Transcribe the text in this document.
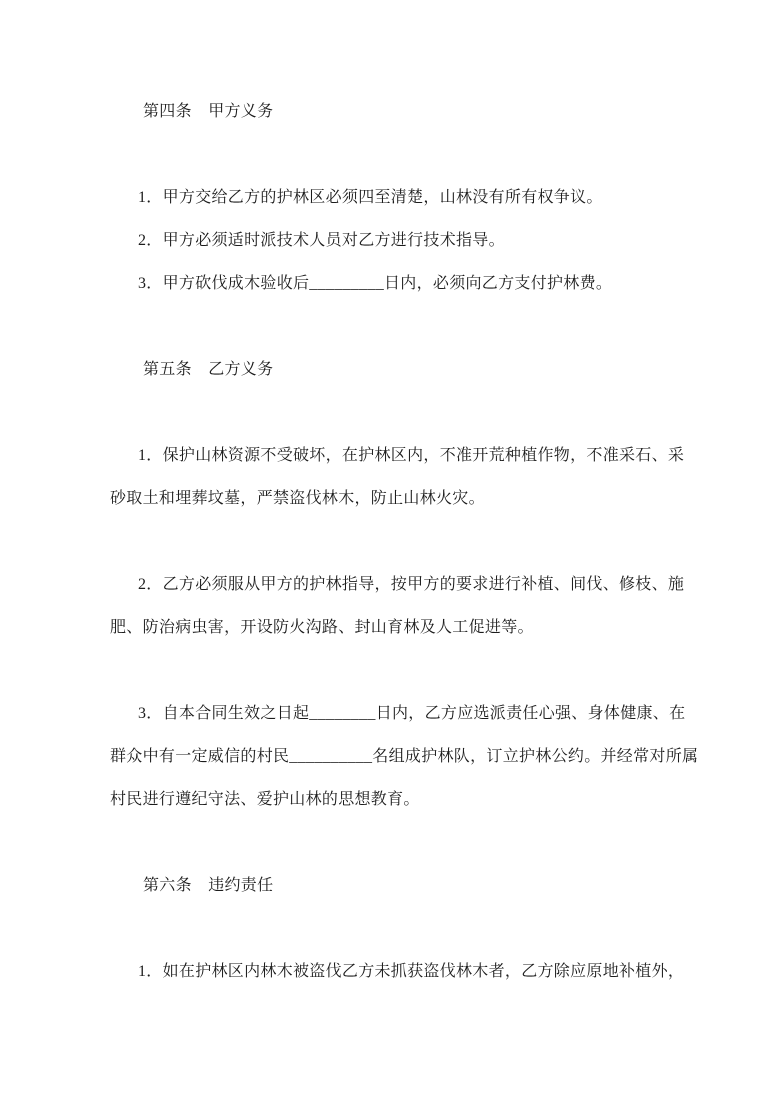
第四条　甲方义务
1．甲方交给乙方的护林区必须四至清楚，山林没有所有权争议。
2．甲方必须适时派技术人员对乙方进行技术指导。
3．甲方砍伐成木验收后_________日内，必须向乙方支付护林费。
第五条　乙方义务
1．保护山林资源不受破坏，在护林区内，不准开荒种植作物，不准采石、采
砂取土和埋葬坟墓，严禁盗伐林木，防止山林火灾。
2．乙方必须服从甲方的护林指导，按甲方的要求进行补植、间伐、修枝、施
肥、防治病虫害，开设防火沟路、封山育林及人工促进等。
3．自本合同生效之日起________日内，乙方应选派责任心强、身体健康、在
群众中有一定威信的村民__________名组成护林队，订立护林公约。并经常对所属
村民进行遵纪守法、爱护山林的思想教育。
第六条　违约责任
1．如在护林区内林木被盗伐乙方未抓获盗伐林木者，乙方除应原地补植外，
